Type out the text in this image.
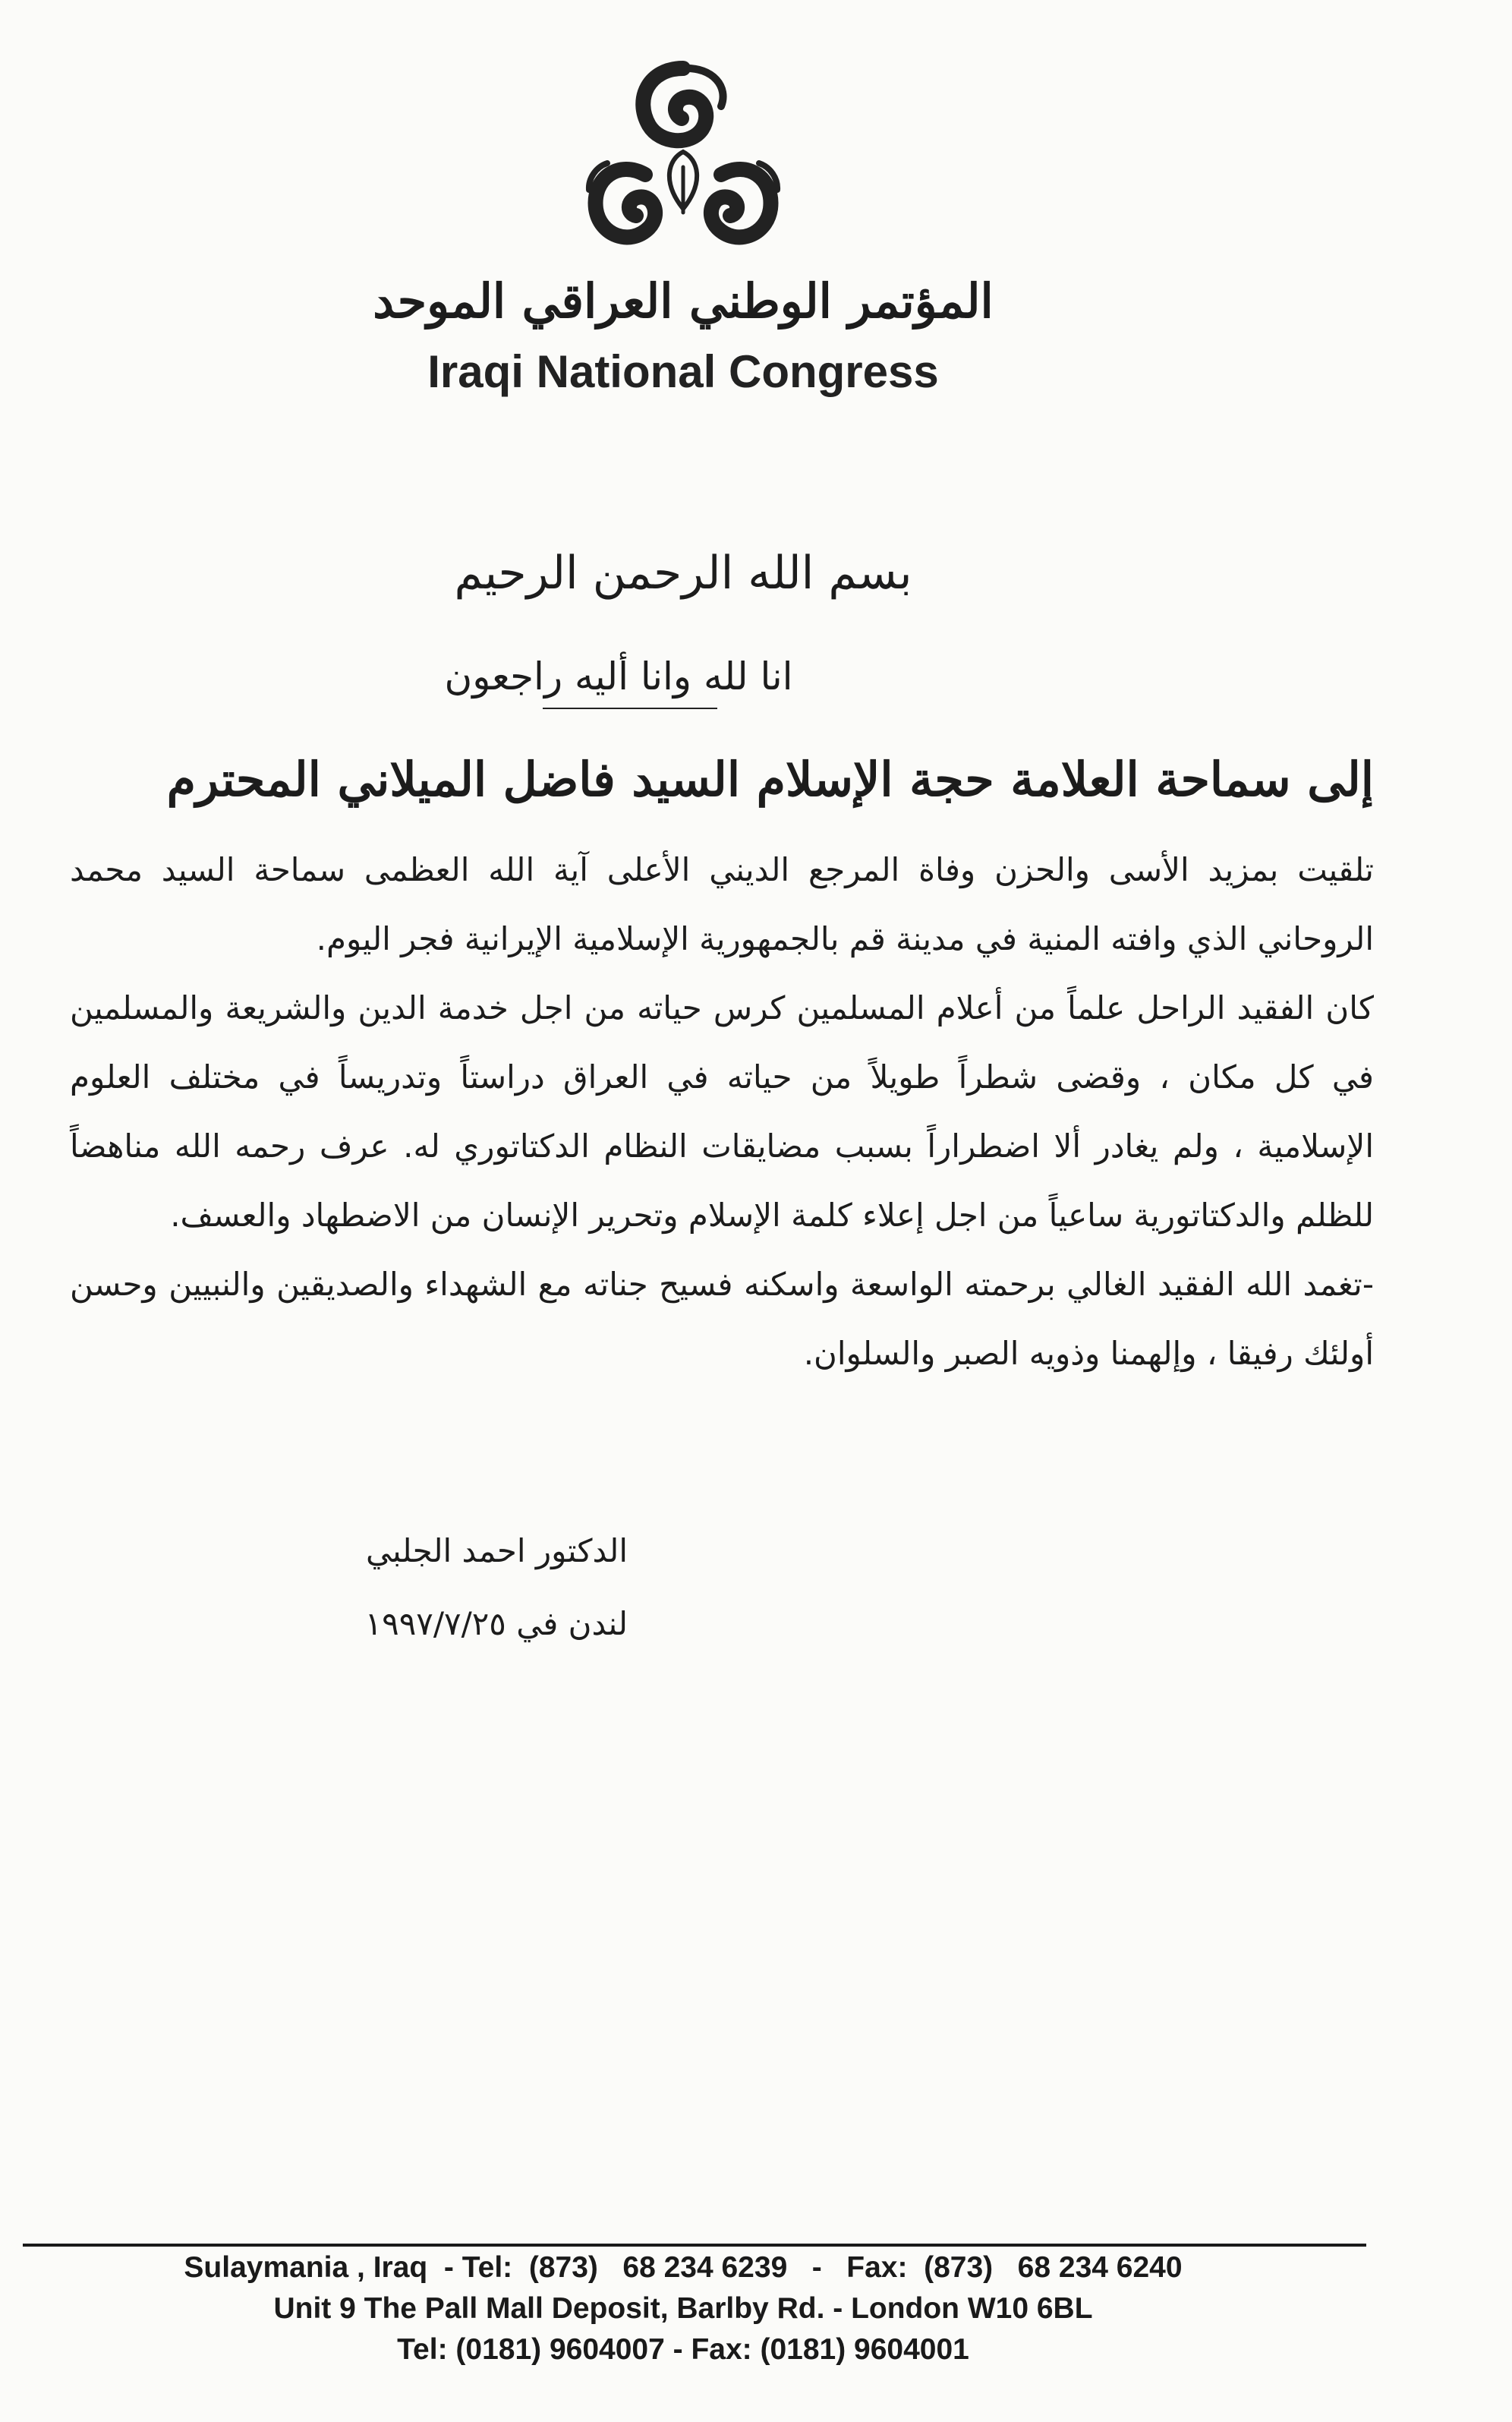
المؤتمر الوطني العراقي الموحد
Iraqi National Congress
بسم الله الرحمن الرحيم
انا لله وانا أليه راجعون
إلى سماحة العلامة حجة الإسلام السيد فاضل الميلاني المحترم

تلقيت بمزيد الأسى والحزن وفاة المرجع الديني الأعلى آية الله العظمى سماحة السيد محمد الروحاني الذي وافته المنية في مدينة قم بالجمهورية الإسلامية الإيرانية فجر اليوم.

كان الفقيد الراحل علماً من أعلام المسلمين كرس حياته من اجل خدمة الدين والشريعة والمسلمين في كل مكان ، وقضى شطراً طويلاً من حياته في العراق دراستاً وتدريساً في مختلف العلوم الإسلامية ، ولم يغادر ألا اضطراراً بسبب مضايقات النظام الدكتاتوري له. عرف رحمه الله مناهضاً للظلم والدكتاتورية ساعياً من اجل إعلاء كلمة الإسلام وتحرير الإنسان من الاضطهاد والعسف.

-تغمد الله الفقيد الغالي برحمته الواسعة واسكنه فسيح جناته مع الشهداء والصديقين والنبيين وحسن أولئك رفيقا ، وإلهمنا وذويه الصبر والسلوان.

الدكتور احمد الجلبي
لندن في ١٩٩٧/٧/٢٥
Sulaymania , Iraq  - Tel:  (873)   68 234 6239   -   Fax:  (873)   68 234 6240
Unit 9 The Pall Mall Deposit, Barlby Rd. - London W10 6BL
Tel: (0181) 9604007 - Fax: (0181) 9604001
